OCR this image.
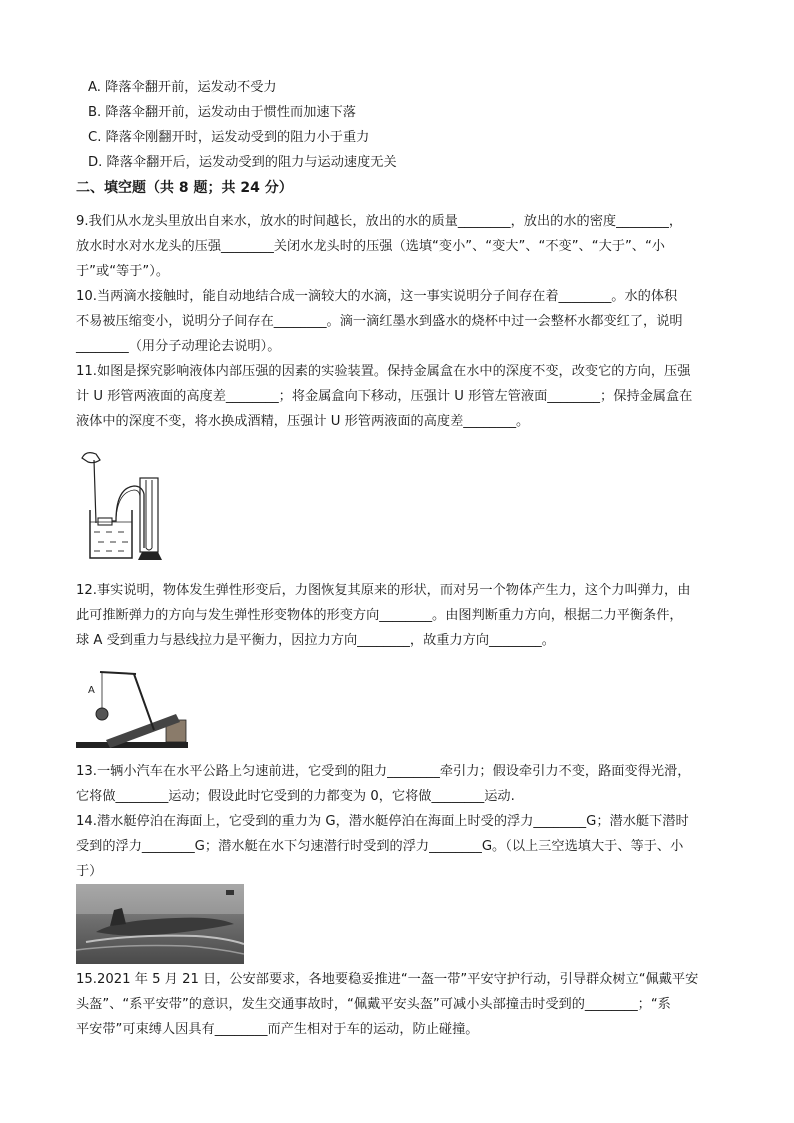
A. 降落伞翻开前，运发动不受力
B. 降落伞翻开前，运发动由于惯性而加速下落
C. 降落伞刚翻开时，运发动受到的阻力小于重力
D. 降落伞翻开后，运发动受到的阻力与运动速度无关
二、填空题（共 8 题；共 24 分）
9.我们从水龙头里放出自来水，放水的时间越长，放出的水的质量________，放出的水的密度________，
放水时水对水龙头的压强________关闭水龙头时的压强（选填“变小”、“变大”、“不变”、“大于”、“小
于”或“等于”）。
10.当两滴水接触时，能自动地结合成一滴较大的水滴，这一事实说明分子间存在着________。水的体积
不易被压缩变小，说明分子间存在________。滴一滴红墨水到盛水的烧杯中过一会整杯水都变红了，说明
________（用分子动理论去说明）。
11.如图是探究影响液体内部压强的因素的实验装置。保持金属盒在水中的深度不变，改变它的方向，压强
计 U 形管两液面的高度差________；将金属盒向下移动，压强计 U 形管左管液面________；保持金属盒在
液体中的深度不变，将水换成酒精，压强计 U 形管两液面的高度差________。
12.事实说明，物体发生弹性形变后，力图恢复其原来的形状，而对另一个物体产生力，这个力叫弹力，由
此可推断弹力的方向与发生弹性形变物体的形变方向________。由图判断重力方向，根据二力平衡条件，
球 A 受到重力与悬线拉力是平衡力，因拉力方向________，故重力方向________。
A
13.一辆小汽车在水平公路上匀速前进，它受到的阻力________牵引力；假设牵引力不变，路面变得光滑，
它将做________运动；假设此时它受到的力都变为 0，它将做________运动.
14.潜水艇停泊在海面上，它受到的重力为 G，潜水艇停泊在海面上时受的浮力________G；潜水艇下潜时
受到的浮力________G；潜水艇在水下匀速潜行时受到的浮力________G。（以上三空选填大于、等于、小
于）
15.2021 年 5 月 21 日，公安部要求，各地要稳妥推进“一盔一带”平安守护行动，引导群众树立“佩戴平安
头盔”、“系平安带”的意识，发生交通事故时，“佩戴平安头盔”可减小头部撞击时受到的________；“系
平安带”可束缚人因具有________而产生相对于车的运动，防止碰撞。
